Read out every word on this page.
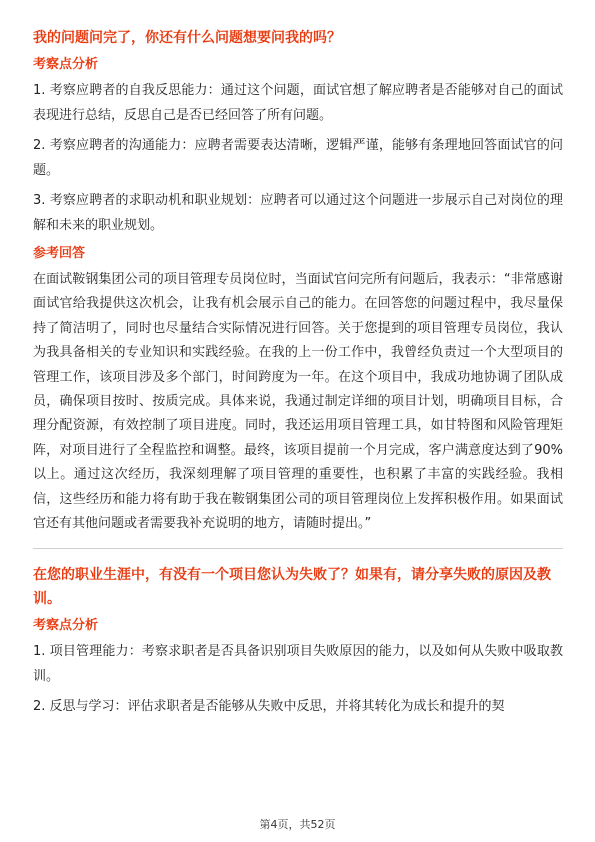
我的问题问完了，你还有什么问题想要问我的吗？

考察点分析

1. 考察应聘者的自我反思能力：通过这个问题，面试官想了解应聘者是否能够对自己的面试表现进行总结，反思自己是否已经回答了所有问题。

2. 考察应聘者的沟通能力：应聘者需要表达清晰，逻辑严谨，能够有条理地回答面试官的问题。

3. 考察应聘者的求职动机和职业规划：应聘者可以通过这个问题进一步展示自己对岗位的理解和未来的职业规划。

参考回答

在面试鞍钢集团公司的项目管理专员岗位时，当面试官问完所有问题后，我表示：“非常感谢面试官给我提供这次机会，让我有机会展示自己的能力。在回答您的问题过程中，我尽量保持了简洁明了，同时也尽量结合实际情况进行回答。关于您提到的项目管理专员岗位，我认为我具备相关的专业知识和实践经验。在我的上一份工作中，我曾经负责过一个大型项目的管理工作，该项目涉及多个部门，时间跨度为一年。在这个项目中，我成功地协调了团队成员，确保项目按时、按质完成。具体来说，我通过制定详细的项目计划，明确项目目标，合理分配资源，有效控制了项目进度。同时，我还运用项目管理工具，如甘特图和风险管理矩阵，对项目进行了全程监控和调整。最终，该项目提前一个月完成，客户满意度达到了90%以上。通过这次经历，我深刻理解了项目管理的重要性，也积累了丰富的实践经验。我相信，这些经历和能力将有助于我在鞍钢集团公司的项目管理岗位上发挥积极作用。如果面试官还有其他问题或者需要我补充说明的地方，请随时提出。”

在您的职业生涯中，有没有一个项目您认为失败了？如果有，请分享失败的原因及教训。

考察点分析

1. 项目管理能力：考察求职者是否具备识别项目失败原因的能力，以及如何从失败中吸取教训。

2. 反思与学习：评估求职者是否能够从失败中反思，并将其转化为成长和提升的契

第4页，共52页
